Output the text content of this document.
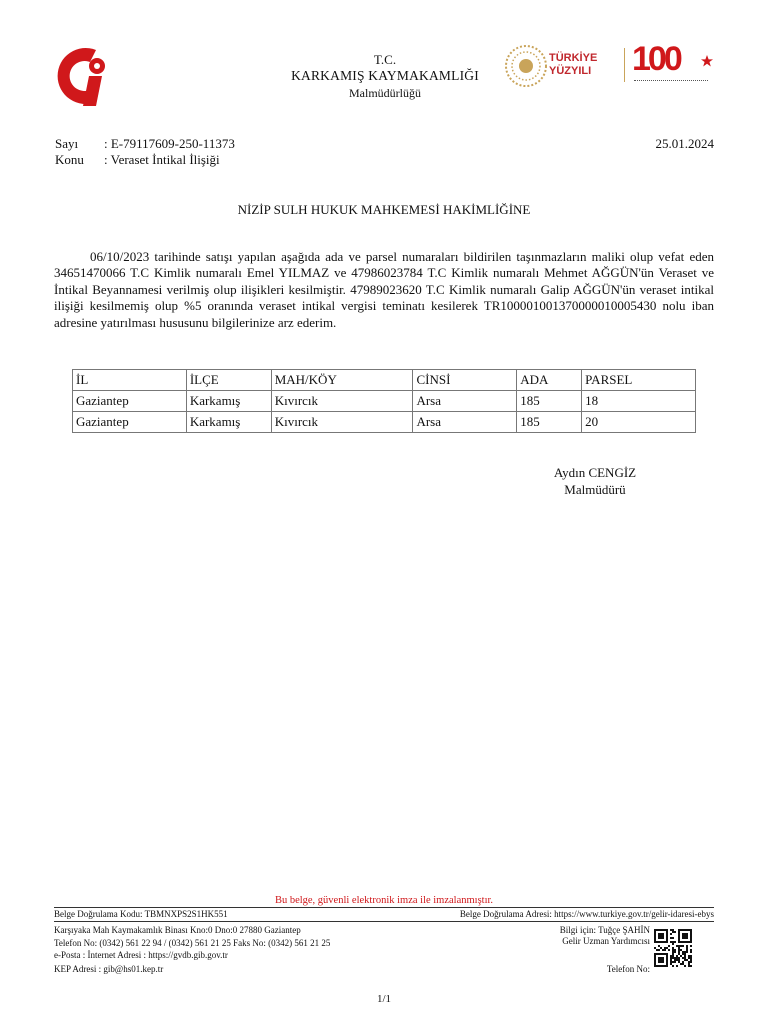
T.C.
KARKAMIŞ KAYMAKAMLIĞI
Malmüdürlüğü
TÜRKİYE
YÜZYILI 100
Sayı : E-79117609-250-11373	25.01.2024
Konu : Veraset İntikal İlişiği
NİZİP SULH HUKUK MAHKEMESİ HAKİMLİĞİNE

06/10/2023 tarihinde satışı yapılan aşağıda ada ve parsel numaraları bildirilen taşınmazların maliki olup vefat eden 34651470066 T.C Kimlik numaralı Emel YILMAZ ve 47986023784 T.C Kimlik numaralı Mehmet AĞGÜN'ün Veraset ve İntikal Beyannamesi verilmiş olup ilişikleri kesilmiştir. 47989023620 T.C Kimlik numaralı Galip AĞGÜN'ün veraset intikal ilişiği kesilmemiş olup %5 oranında veraset intikal vergisi teminatı kesilerek TR100001001370000010005430 nolu iban adresine yatırılması hususunu bilgilerinize arz ederim.

İL	İLÇE	MAH/KÖY	CİNSİ	ADA	PARSEL
Gaziantep	Karkamış	Kıvırcık	Arsa	185	18
Gaziantep	Karkamış	Kıvırcık	Arsa	185	20
Aydın CENGİZ
Malmüdürü
Bu belge, güvenli elektronik imza ile imzalanmıştır.
Belge Doğrulama Kodu: TBMNXPS2S1HK551	Belge Doğrulama Adresi: https://www.turkiye.gov.tr/gelir-idaresi-ebys
Karşıyaka Mah Kaymakamlık Binası Kno:0 Dno:0 27880 Gaziantep
Telefon No: (0342) 561 22 94 / (0342) 561 21 25 Faks No: (0342) 561 21 25
e-Posta : İnternet Adresi : https://gvdb.gib.gov.tr
KEP Adresi : gib@hs01.kep.tr
Bilgi için: Tuğçe ŞAHİN
Gelir Uzman Yardımcısı
Telefon No:
1/1
